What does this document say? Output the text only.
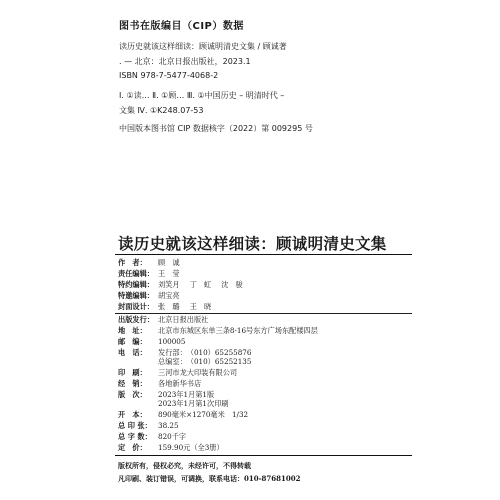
图书在版编目（CIP）数据
读历史就该这样细读：顾诚明清史文集 / 顾诚著
. — 北京：北京日报出版社，2023.1
ISBN 978-7-5477-4068-2
Ⅰ. ①读… Ⅱ. ①顾… Ⅲ. ①中国历史 – 明清时代 –
文集 Ⅳ. ①K248.07-53
中国版本图书馆 CIP 数据核字（2022）第 009295 号
读历史就该这样细读：顾诚明清史文集
作　者： 顾　诚
责任编辑： 王　莹
特约编辑： 刘笑月 丁　虹 沈　骏
特邀编辑： 胡宝亮
封面设计： 张　璐 王　晓
出版发行： 北京日报出版社
地　址： 北京市东城区东单三条8-16号东方广场东配楼四层
邮　编： 100005
电　话： 发行部：（010）65255876
总编室：（010）65252135
印　刷： 三河市龙大印装有限公司
经　销： 各地新华书店
版　次： 2023年1月第1版
2023年1月第1次印刷
开　本： 890毫米×1270毫米　1/32
总 印 张： 38.25
总 字 数： 820千字
定　价： 159.90元（全3册）
版权所有，侵权必究，未经许可，不得转载
凡印刷、装订错误，可调换，联系电话：010-87681002
